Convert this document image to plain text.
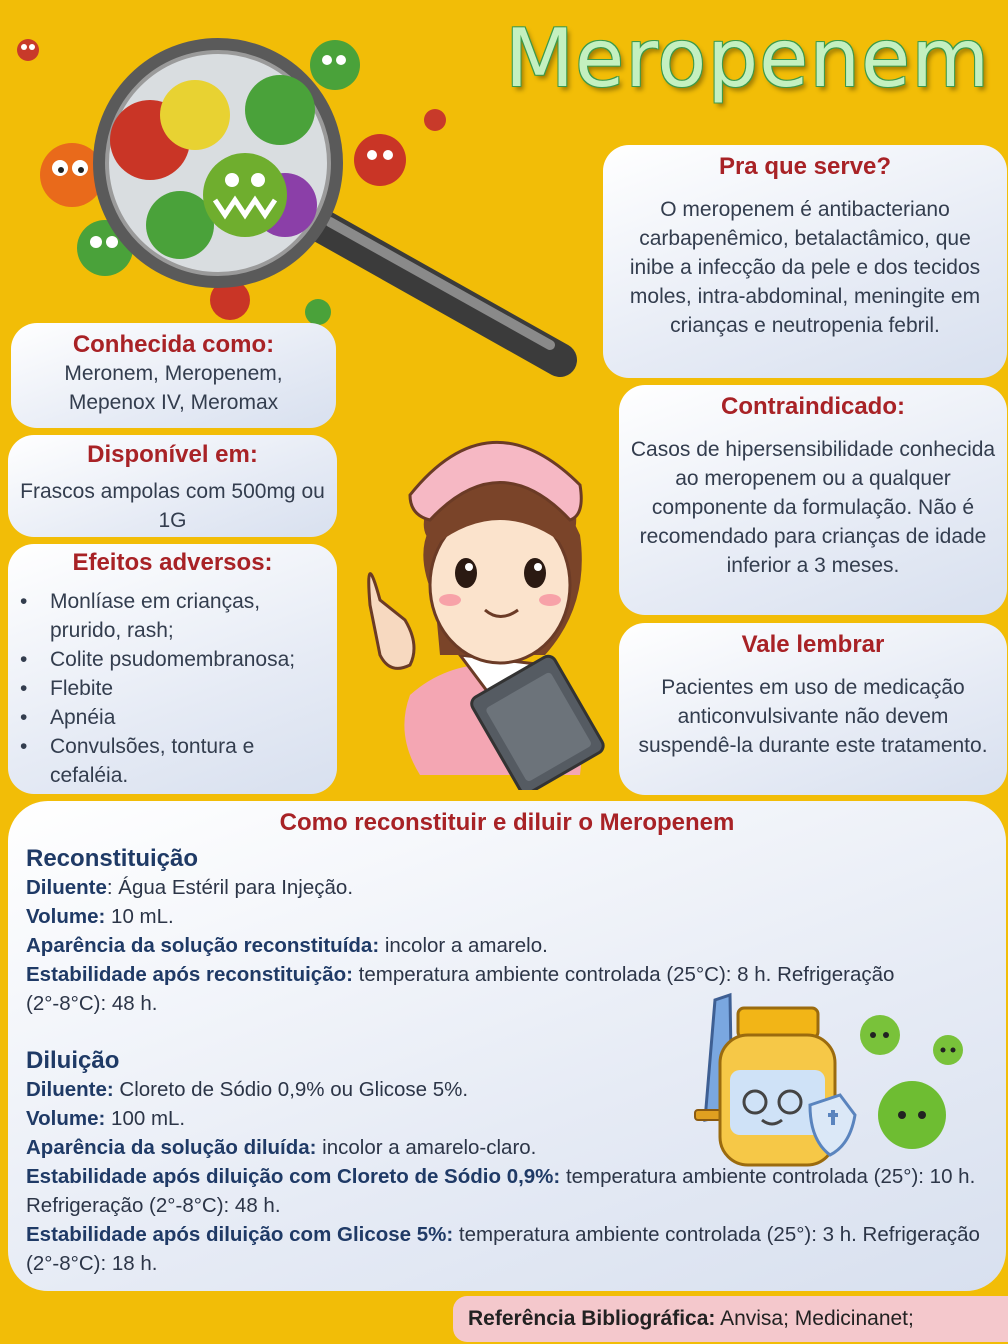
Meropenem
Pra que serve?
O meropenem é antibacteriano carbapenêmico, betalactâmico, que inibe a infecção da pele e dos tecidos moles, intra-abdominal, meningite em crianças e neutropenia febril.
Conhecida como:
Meronem, Meropenem, Mepenox IV, Meromax
Disponível em:
Frascos ampolas com 500mg ou 1G
Efeitos adversos:
• Monlíase em crianças, prurido, rash;
• Colite psudomembranosa;
• Flebite
• Apnéia
• Convulsões, tontura e cefaléia.
Contraindicado:
Casos de hipersensibilidade conhecida ao meropenem ou a qualquer componente da formulação. Não é recomendado para crianças de idade inferior a 3 meses.
Vale lembrar
Pacientes em uso de medicação anticonvulsivante não devem suspendê-la durante este tratamento.
Como reconstituir e diluir o Meropenem
Reconstituição
Diluente: Água Estéril para Injeção.
Volume: 10 mL.
Aparência da solução reconstituída: incolor a amarelo.
Estabilidade após reconstituição: temperatura ambiente controlada (25°C): 8 h. Refrigeração (2°-8°C): 48 h.
Diluição
Diluente: Cloreto de Sódio 0,9% ou Glicose 5%.
Volume: 100 mL.
Aparência da solução diluída: incolor a amarelo-claro.
Estabilidade após diluição com Cloreto de Sódio 0,9%: temperatura ambiente controlada (25°): 10 h. Refrigeração (2°-8°C): 48 h.
Estabilidade após diluição com Glicose 5%: temperatura ambiente controlada (25°): 3 h. Refrigeração (2°-8°C): 18 h.
Referência Bibliográfica: Anvisa; Medicinanet;
